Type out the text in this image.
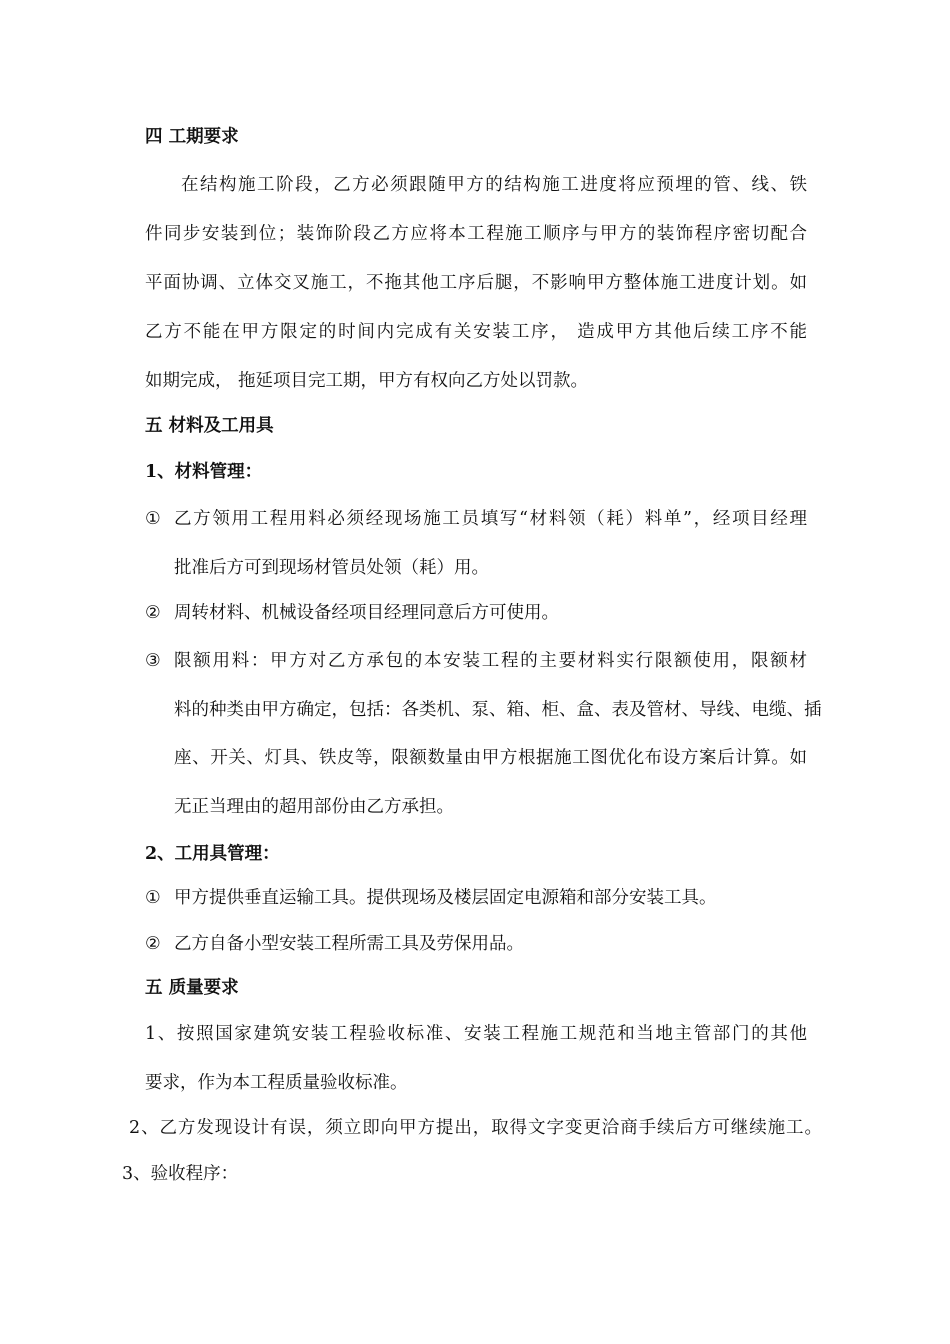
四 工期要求
在结构施工阶段，乙方必须跟随甲方的结构施工进度将应预埋的管、线、铁
件同步安装到位；装饰阶段乙方应将本工程施工顺序与甲方的装饰程序密切配合
平面协调、立体交叉施工，不拖其他工序后腿，不影响甲方整体施工进度计划。如
乙方不能在甲方限定的时间内完成有关安装工序， 造成甲方其他后续工序不能
如期完成， 拖延项目完工期，甲方有权向乙方处以罚款。
五 材料及工用具
1、材料管理：
① 乙方领用工程用料必须经现场施工员填写“材料领（耗）料单”，经项目经理
批准后方可到现场材管员处领（耗）用。
② 周转材料、机械设备经项目经理同意后方可使用。
③ 限额用料：甲方对乙方承包的本安装工程的主要材料实行限额使用，限额材
料的种类由甲方确定，包括：各类机、泵、箱、柜、盒、表及管材、导线、电缆、插
座、开关、灯具、铁皮等，限额数量由甲方根据施工图优化布设方案后计算。如
无正当理由的超用部份由乙方承担。
2、工用具管理：
① 甲方提供垂直运输工具。提供现场及楼层固定电源箱和部分安装工具。
② 乙方自备小型安装工程所需工具及劳保用品。
五 质量要求
1、按照国家建筑安装工程验收标准、安装工程施工规范和当地主管部门的其他
要求，作为本工程质量验收标准。
2、乙方发现设计有误，须立即向甲方提出，取得文字变更洽商手续后方可继续施工。
3、验收程序：
